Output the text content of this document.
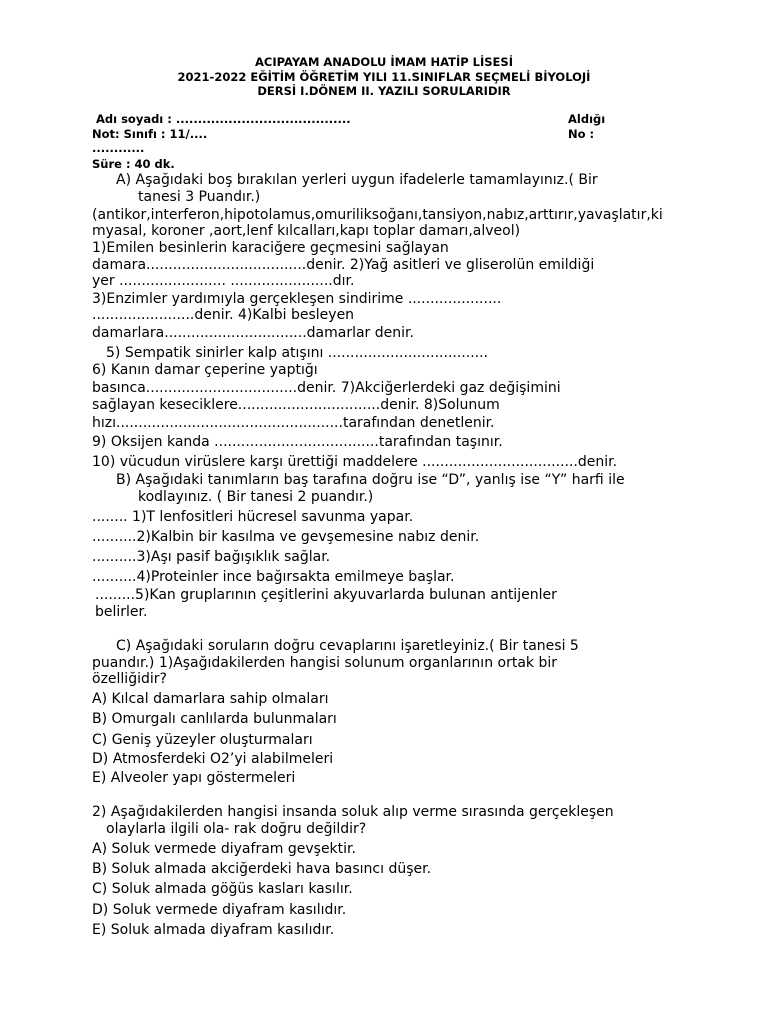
ACIPAYAM ANADOLU İMAM HATİP LİSESİ
2021-2022 EĞİTİM ÖĞRETİM YILI 11.SINIFLAR SEÇMELİ BİYOLOJİ
DERSİ I.DÖNEM II. YAZILI SORULARIDIR
Adı soyadı : ........................................
Not: Sınıfı : 11/....
............
Süre : 40 dk.
Aldığı
No :
A) Aşağıdaki boş bırakılan yerleri uygun ifadelerle tamamlayınız.( Bir
tanesi 3 Puandır.)
(antikor,interferon,hipotolamus,omuriliksoğanı,tansiyon,nabız,arttırır,yavaşlatır,ki
myasal, koroner ,aort,lenf kılcalları,kapı toplar damarı,alveol)
1)Emilen besinlerin karaciğere geçmesini sağlayan
damara....................................denir. 2)Yağ asitleri ve gliserolün emildiği
yer ........................ .......................dır.
3)Enzimler yardımıyla gerçekleşen sindirime .....................
.......................denir. 4)Kalbi besleyen
damarlara................................damarlar denir.
5) Sempatik sinirler kalp atışını ....................................
6) Kanın damar çeperine yaptığı
basınca..................................denir. 7)Akciğerlerdeki gaz değişimini
sağlayan keseciklere................................denir. 8)Solunum
hızı...................................................tarafından denetlenir.
9) Oksijen kanda .....................................tarafından taşınır.
10) vücudun virüslere karşı ürettiği maddelere ...................................denir.
B) Aşağıdaki tanımların baş tarafına doğru ise “D”, yanlış ise “Y” harfi ile
kodlayınız. ( Bir tanesi 2 puandır.)
........ 1)T lenfositleri hücresel savunma yapar.
..........2)Kalbin bir kasılma ve gevşemesine nabız denir.
..........3)Aşı pasif bağışıklık sağlar.
..........4)Proteinler ince bağırsakta emilmeye başlar.
.........5)Kan gruplarının çeşitlerini akyuvarlarda bulunan antijenler
belirler.
C) Aşağıdaki soruların doğru cevaplarını işaretleyiniz.( Bir tanesi 5
puandır.) 1)Aşağıdakilerden hangisi solunum organlarının ortak bir
özelliğidir?
A) Kılcal damarlara sahip olmaları
B) Omurgalı canlılarda bulunmaları
C) Geniş yüzeyler oluşturmaları
D) Atmosferdeki O2’yi alabilmeleri
E) Alveoler yapı göstermeleri
2) Aşağıdakilerden hangisi insanda soluk alıp verme sırasında gerçekleşen
olaylarla ilgili ola- rak doğru değildir?
A) Soluk vermede diyafram gevşektir.
B) Soluk almada akciğerdeki hava basıncı düşer.
C) Soluk almada göğüs kasları kasılır.
D) Soluk vermede diyafram kasılıdır.
E) Soluk almada diyafram kasılıdır.
